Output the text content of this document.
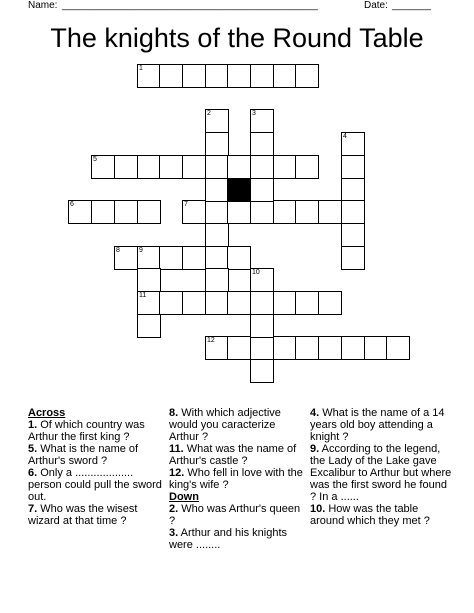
Name: ______________________________________________	Date: _______
The knights of the Round Table
1
5
6	7
8	9
11
12
2	3
4
10

Across

1. Of which country was Arthur the first king ?

5. What is the name of Arthur's sword ?

6. Only a ................... person could pull the sword out.

7. Who was the wisest wizard at that time ?

8. With which adjective would you caracterize Arthur ?

11. What was the name of Arthur's castle ?

12. Who fell in love with the king's wife ?

Down

2. Who was Arthur's queen ?

3. Arthur and his knights were ........

4. What is the name of a 14 years old boy attending a knight ?

9. According to the legend, the Lady of the Lake gave Excalibur to Arthur but where was the first sword he found ? In a ......

10. How was the table around which they met ?
